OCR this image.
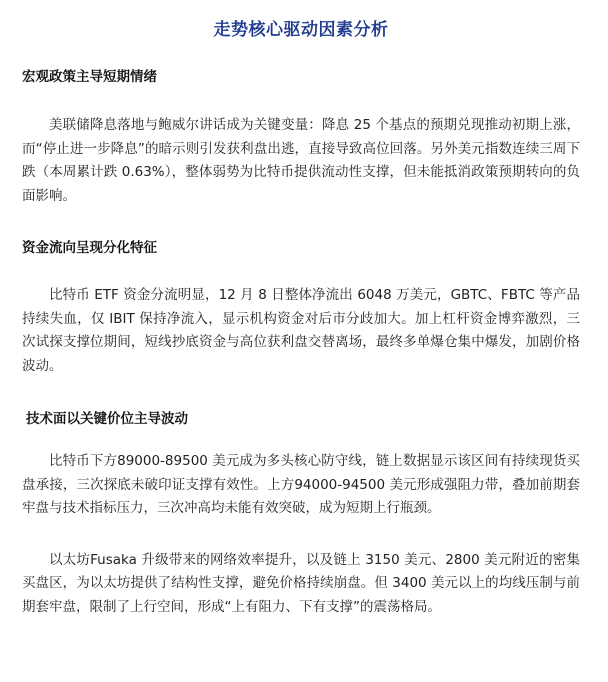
走势核心驱动因素分析
宏观政策主导短期情绪

美联储降息落地与鲍威尔讲话成为关键变量：降息 25 个基点的预期兑现推动初期上涨，而“停止进一步降息”的暗示则引发获利盘出逃，直接导致高位回落。另外美元指数连续三周下跌（本周累计跌 0.63%），整体弱势为比特币提供流动性支撑，但未能抵消政策预期转向的负面影响。

资金流向呈现分化特征

比特币 ETF 资金分流明显，12 月 8 日整体净流出 6048 万美元，GBTC、FBTC 等产品持续失血，仅 IBIT 保持净流入，显示机构资金对后市分歧加大。加上杠杆资金博弈激烈，三次试探支撑位期间，短线抄底资金与高位获利盘交替离场，最终多单爆仓集中爆发，加剧价格波动。

技术面以关键价位主导波动

比特币下方89000-89500 美元成为多头核心防守线，链上数据显示该区间有持续现货买盘承接，三次探底未破印证支撑有效性。上方94000-94500 美元形成强阻力带，叠加前期套牢盘与技术指标压力，三次冲高均未能有效突破，成为短期上行瓶颈。

以太坊Fusaka 升级带来的网络效率提升，以及链上 3150 美元、2800 美元附近的密集买盘区，为以太坊提供了结构性支撑，避免价格持续崩盘。但 3400 美元以上的均线压制与前期套牢盘，限制了上行空间，形成“上有阻力、下有支撑”的震荡格局。
